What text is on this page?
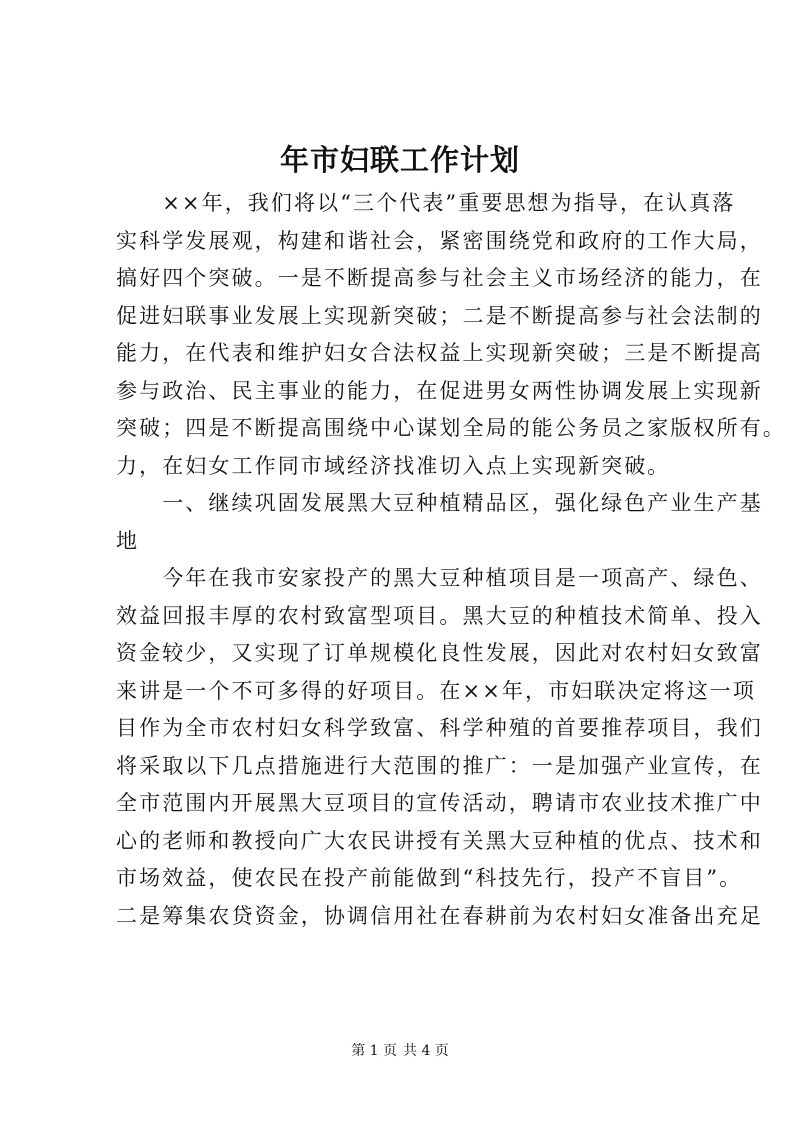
年市妇联工作计划
　　××年，我们将以“三个代表”重要思想为指导，在认真落
实科学发展观，构建和谐社会，紧密围绕党和政府的工作大局，
搞好四个突破。一是不断提高参与社会主义市场经济的能力，在
促进妇联事业发展上实现新突破；二是不断提高参与社会法制的
能力，在代表和维护妇女合法权益上实现新突破；三是不断提高
参与政治、民主事业的能力，在促进男女两性协调发展上实现新
突破；四是不断提高围绕中心谋划全局的能公务员之家版权所有。
力，在妇女工作同市域经济找准切入点上实现新突破。
　　一、继续巩固发展黑大豆种植精品区，强化绿色产业生产基
地
　　今年在我市安家投产的黑大豆种植项目是一项高产、绿色、
效益回报丰厚的农村致富型项目。黑大豆的种植技术简单、投入
资金较少，又实现了订单规模化良性发展，因此对农村妇女致富
来讲是一个不可多得的好项目。在××年，市妇联决定将这一项
目作为全市农村妇女科学致富、科学种殖的首要推荐项目，我们
将采取以下几点措施进行大范围的推广：一是加强产业宣传，在
全市范围内开展黑大豆项目的宣传活动，聘请市农业技术推广中
心的老师和教授向广大农民讲授有关黑大豆种植的优点、技术和
市场效益，使农民在投产前能做到“科技先行，投产不盲目”。
二是筹集农贷资金，协调信用社在春耕前为农村妇女准备出充足
第 1 页 共 4 页
